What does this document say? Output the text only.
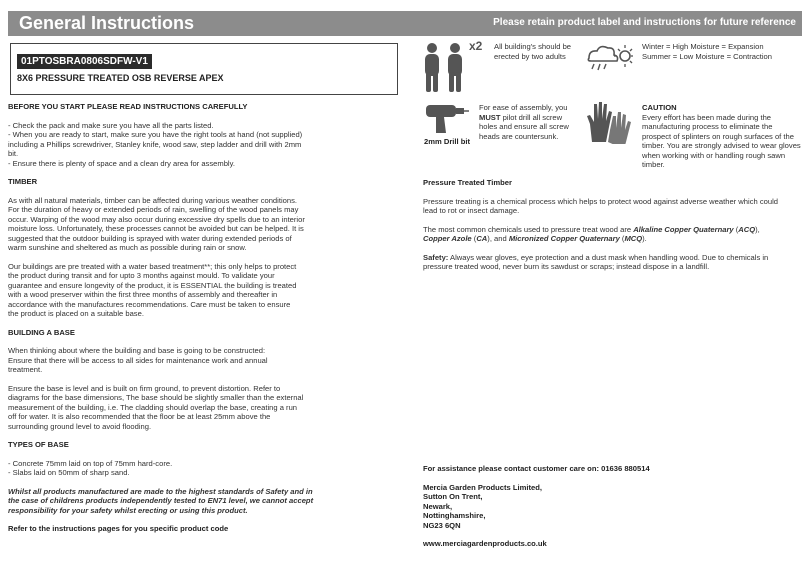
General Instructions	Please retain product label and instructions for future reference
01PTOSBRA0806SDFW-V1
8X6 PRESSURE TREATED OSB REVERSE APEX

BEFORE YOU START PLEASE READ INSTRUCTIONS CAREFULLY

- Check the pack and make sure you have all the parts listed.

- When you are ready to start, make sure you have the right tools at hand (not supplied)

including a Phillips screwdriver, Stanley knife, wood saw, step ladder and drill with 2mm

bit.

- Ensure there is plenty of space and a clean dry area for assembly.

TIMBER

As with all natural materials, timber can be affected during various weather conditions.

For the duration of heavy or extended periods of rain, swelling of the wood panels may

occur. Warping of the wood may also occur during excessive dry spells due to an interior

moisture loss. Unfortunately, these processes cannot be avoided but can be helped. It is

suggested that the outdoor building is sprayed with water during extended periods of

warm sunshine and sheltered as much as possible during rain or snow.

Our buildings are pre treated with a water based treatment**; this only helps to protect

the product during transit and for upto 3 months against mould. To validate your

guarantee and ensure longevity of the product, it is ESSENTIAL the building is treated

with a wood preserver within the first three months of assembly and thereafter in

accordance with the manufactures recommendations. Care must be taken to ensure

the product is placed on a suitable base.

BUILDING A BASE

When thinking about where the building and base is going to be constructed:

Ensure that there will be access to all sides for maintenance work and annual

treatment.

Ensure the base is level and is built on firm ground, to prevent distortion. Refer to

diagrams for the base dimensions, The base should be slightly smaller than the external

measurement of the building, i.e. The cladding should overlap the base, creating a run

off for water. It is also recommended that the floor be at least 25mm above the

surrounding ground level to avoid flooding.

TYPES OF BASE

- Concrete 75mm laid on top of 75mm hard-core.

- Slabs laid on 50mm of sharp sand.

Whilst all products manufactured are made to the highest standards of Safety and in

the case of childrens products independently tested to EN71 level, we cannot accept

responsibility for your safety whilst erecting or using this product.

Refer to the instructions pages for you specific product code

x2 All building's should be
erected by two adults
Winter = High Moisture = Expansion
Summer = Low Moisture = Contraction
2mm Drill bit
For ease of assembly, you
MUST pilot drill all screw
holes and ensure all screw
heads are countersunk.
CAUTION
Every effort has been made during the
manufacturing process to eliminate the
prospect of splinters on rough surfaces of the
timber. You are strongly advised to wear gloves
when working with or handling rough sawn
timber.

Pressure Treated Timber

Pressure treating is a chemical process which helps to protect wood against adverse weather which could

lead to rot or insect damage.

The most common chemicals used to pressure treat wood are Alkaline Copper Quaternary (ACQ),

Copper Azole (CA), and Micronized Copper Quaternary (MCQ).

Safety: Always wear gloves, eye protection and a dust mask when handling wood. Due to chemicals in

pressure treated wood, never burn its sawdust or scraps; instead dispose in a landfill.

For assistance please contact customer care on: 01636 880514

Mercia Garden Products Limited,

Sutton On Trent,

Newark,

Nottinghamshire,

NG23 6QN

www.merciagardenproducts.co.uk
